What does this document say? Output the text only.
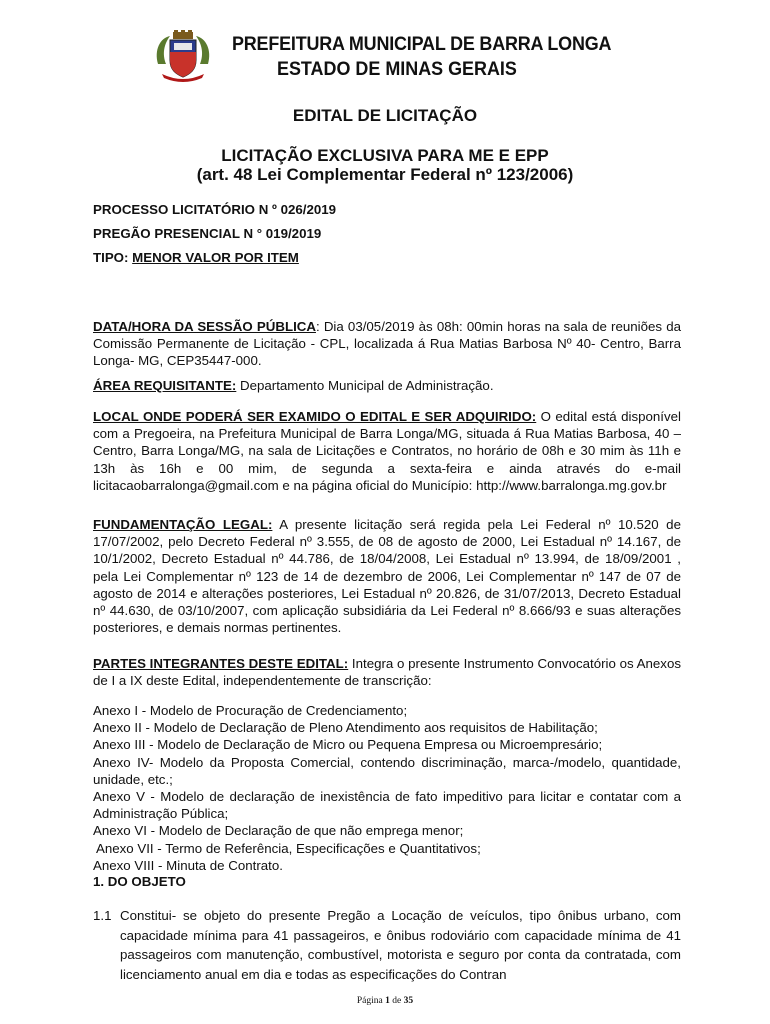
PREFEITURA MUNICIPAL DE BARRA LONGA
ESTADO DE MINAS GERAIS
EDITAL DE LICITAÇÃO
LICITAÇÃO EXCLUSIVA PARA ME E EPP
(art. 48 Lei Complementar Federal nº 123/2006)
PROCESSO LICITATÓRIO N º 026/2019
PREGÃO PRESENCIAL N ° 019/2019
TIPO: MENOR VALOR POR ITEM

DATA/HORA DA SESSÃO PÚBLICA: Dia 03/05/2019 às 08h: 00min horas na sala de reuniões da Comissão Permanente de Licitação - CPL, localizada á Rua Matias Barbosa Nº 40- Centro, Barra Longa- MG, CEP35447-000.

ÁREA REQUISITANTE: Departamento Municipal de Administração.

LOCAL ONDE PODERÁ SER EXAMIDO O EDITAL E SER ADQUIRIDO: O edital está disponível com a Pregoeira, na Prefeitura Municipal de Barra Longa/MG, situada á Rua Matias Barbosa, 40 – Centro, Barra Longa/MG, na sala de Licitações e Contratos, no horário de 08h e 30 mim às 11h e 13h às 16h e 00 mim, de segunda a sexta-feira e ainda através do e-mail licitacaobarralonga@gmail.com e na página oficial do Município: http://www.barralonga.mg.gov.br

FUNDAMENTAÇÃO LEGAL: A presente licitação será regida pela Lei Federal nº 10.520 de 17/07/2002, pelo Decreto Federal nº 3.555, de 08 de agosto de 2000, Lei Estadual nº 14.167, de 10/1/2002, Decreto Estadual nº 44.786, de 18/04/2008, Lei Estadual nº 13.994, de 18/09/2001 , pela Lei Complementar nº 123 de 14 de dezembro de 2006, Lei Complementar nº 147 de 07 de agosto de 2014 e alterações posteriores, Lei Estadual nº 20.826, de 31/07/2013, Decreto Estadual nº 44.630, de 03/10/2007, com aplicação subsidiária da Lei Federal nº 8.666/93 e suas alterações posteriores, e demais normas pertinentes.

PARTES INTEGRANTES DESTE EDITAL: Integra o presente Instrumento Convocatório os Anexos de I a IX deste Edital, independentemente de transcrição:

Anexo I - Modelo de Procuração de Credenciamento;
Anexo II - Modelo de Declaração de Pleno Atendimento aos requisitos de Habilitação;
Anexo III - Modelo de Declaração de Micro ou Pequena Empresa ou Microempresário;
Anexo IV- Modelo da Proposta Comercial, contendo discriminação, marca-/modelo, quantidade, unidade, etc.;
Anexo V - Modelo de declaração de inexistência de fato impeditivo para licitar e contatar com a Administração Pública;
Anexo VI - Modelo de Declaração de que não emprega menor;
Anexo VII - Termo de Referência, Especificações e Quantitativos;
Anexo VIII - Minuta de Contrato.
1. DO OBJETO
1.1 Constitui- se objeto do presente Pregão a Locação de veículos, tipo ônibus urbano, com capacidade mínima para 41 passageiros, e ônibus rodoviário com capacidade mínima de 41 passageiros com manutenção, combustível, motorista e seguro por conta da contratada, com licenciamento anual em dia e todas as especificações do Contran
Página 1 de 35
